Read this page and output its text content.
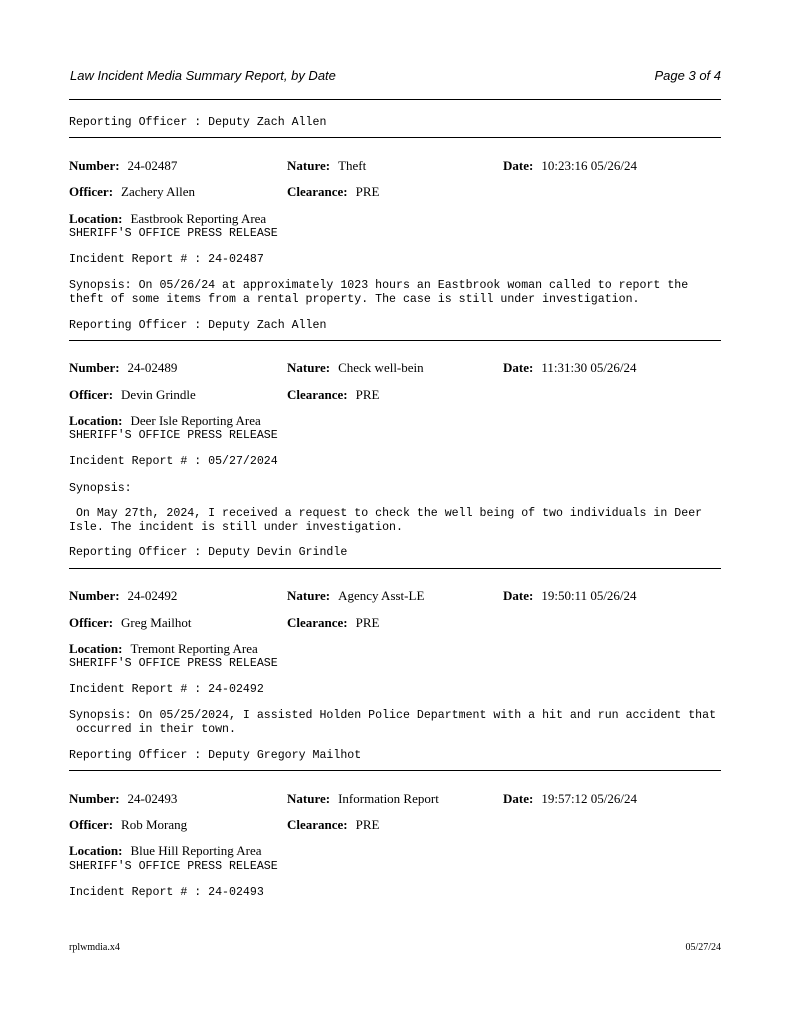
Law Incident Media Summary Report, by Date	Page 3 of 4
Reporting Officer : Deputy Zach Allen
Number: 24-02487	Nature: Theft	Date: 10:23:16 05/26/24
Officer: Zachery Allen	Clearance: PRE
Location: Eastbrook Reporting Area
SHERIFF'S OFFICE PRESS RELEASE
Incident Report # : 24-02487
Synopsis: On 05/26/24 at approximately 1023 hours an Eastbrook woman called to report the
theft of some items from a rental property. The case is still under investigation.
Reporting Officer : Deputy Zach Allen
Number: 24-02489	Nature: Check well-bein	Date: 11:31:30 05/26/24
Officer: Devin Grindle	Clearance: PRE
Location: Deer Isle Reporting Area
SHERIFF'S OFFICE PRESS RELEASE
Incident Report # : 05/27/2024
Synopsis:
On May 27th, 2024, I received a request to check the well being of two individuals in Deer
Isle. The incident is still under investigation.
Reporting Officer : Deputy Devin Grindle
Number: 24-02492	Nature: Agency Asst-LE	Date: 19:50:11 05/26/24
Officer: Greg Mailhot	Clearance: PRE
Location: Tremont Reporting Area
SHERIFF'S OFFICE PRESS RELEASE
Incident Report # : 24-02492
Synopsis: On 05/25/2024, I assisted Holden Police Department with a hit and run accident that
occurred in their town.
Reporting Officer : Deputy Gregory Mailhot
Number: 24-02493	Nature: Information Report	Date: 19:57:12 05/26/24
Officer: Rob Morang	Clearance: PRE
Location: Blue Hill Reporting Area
SHERIFF'S OFFICE PRESS RELEASE
Incident Report # : 24-02493
rplwmdia.x4	05/27/24
